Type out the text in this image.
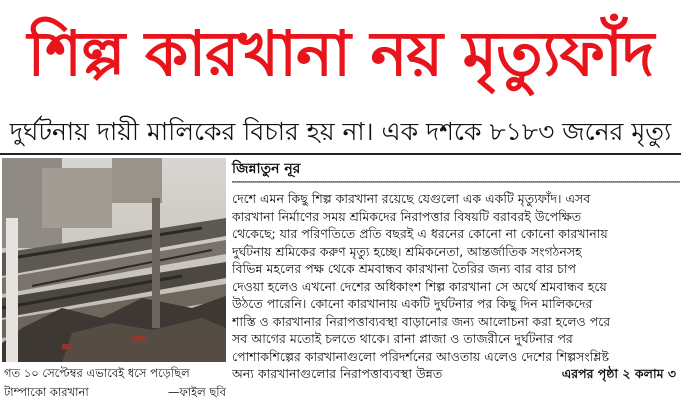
শিল্প কারখানা নয় মৃত্যুফাঁদ
দুর্ঘটনায় দায়ী মালিকের বিচার হয় না। এক দশকে ৮১৮৩ জনের মৃত্যু
গত ১০ সেপ্টেম্বর এভাবেই ধসে পড়েছিল
টাম্পাকো কারখানা	—ফাইল ছবি
জিন্নাতুন নূর
দেশে এমন কিছু শিল্প কারখানা রয়েছে যেগুলো এক একটি মৃত্যুফাঁদ। এসব
কারখানা নির্মাণের সময় শ্রমিকদের নিরাপত্তার বিষয়টি বরাবরই উপেক্ষিত
থেকেছে; যার পরিণতিতে প্রতি বছরই এ ধরনের কোনো না কোনো কারখানায়
দুর্ঘটনায় শ্রমিকের করুণ মৃত্যু হচ্ছে। শ্রমিকনেতা, আন্তর্জাতিক সংগঠনসহ
বিভিন্ন মহলের পক্ষ থেকে শ্রমবান্ধব কারখানা তৈরির জন্য বার বার চাপ
দেওয়া হলেও এখনো দেশের অধিকাংশ শিল্প কারখানা সে অর্থে শ্রমবান্ধব হয়ে
উঠতে পারেনি। কোনো কারখানায় একটি দুর্ঘটনার পর কিছু দিন মালিকদের
শাস্তি ও কারখানার নিরাপত্তাব্যবস্থা বাড়ানোর জন্য আলোচনা করা হলেও পরে
সব আগের মতোই চলতে থাকে। রানা প্লাজা ও তাজরীনে দুর্ঘটনার পর
পোশাকশিল্পের কারখানাগুলো পরিদর্শনের আওতায় এলেও দেশের শিল্পসংশ্লিষ্ট
অন্য কারখানাগুলোর নিরাপত্তাব্যবস্থা উন্নত	এরপর পৃষ্ঠা ২ কলাম ৩
